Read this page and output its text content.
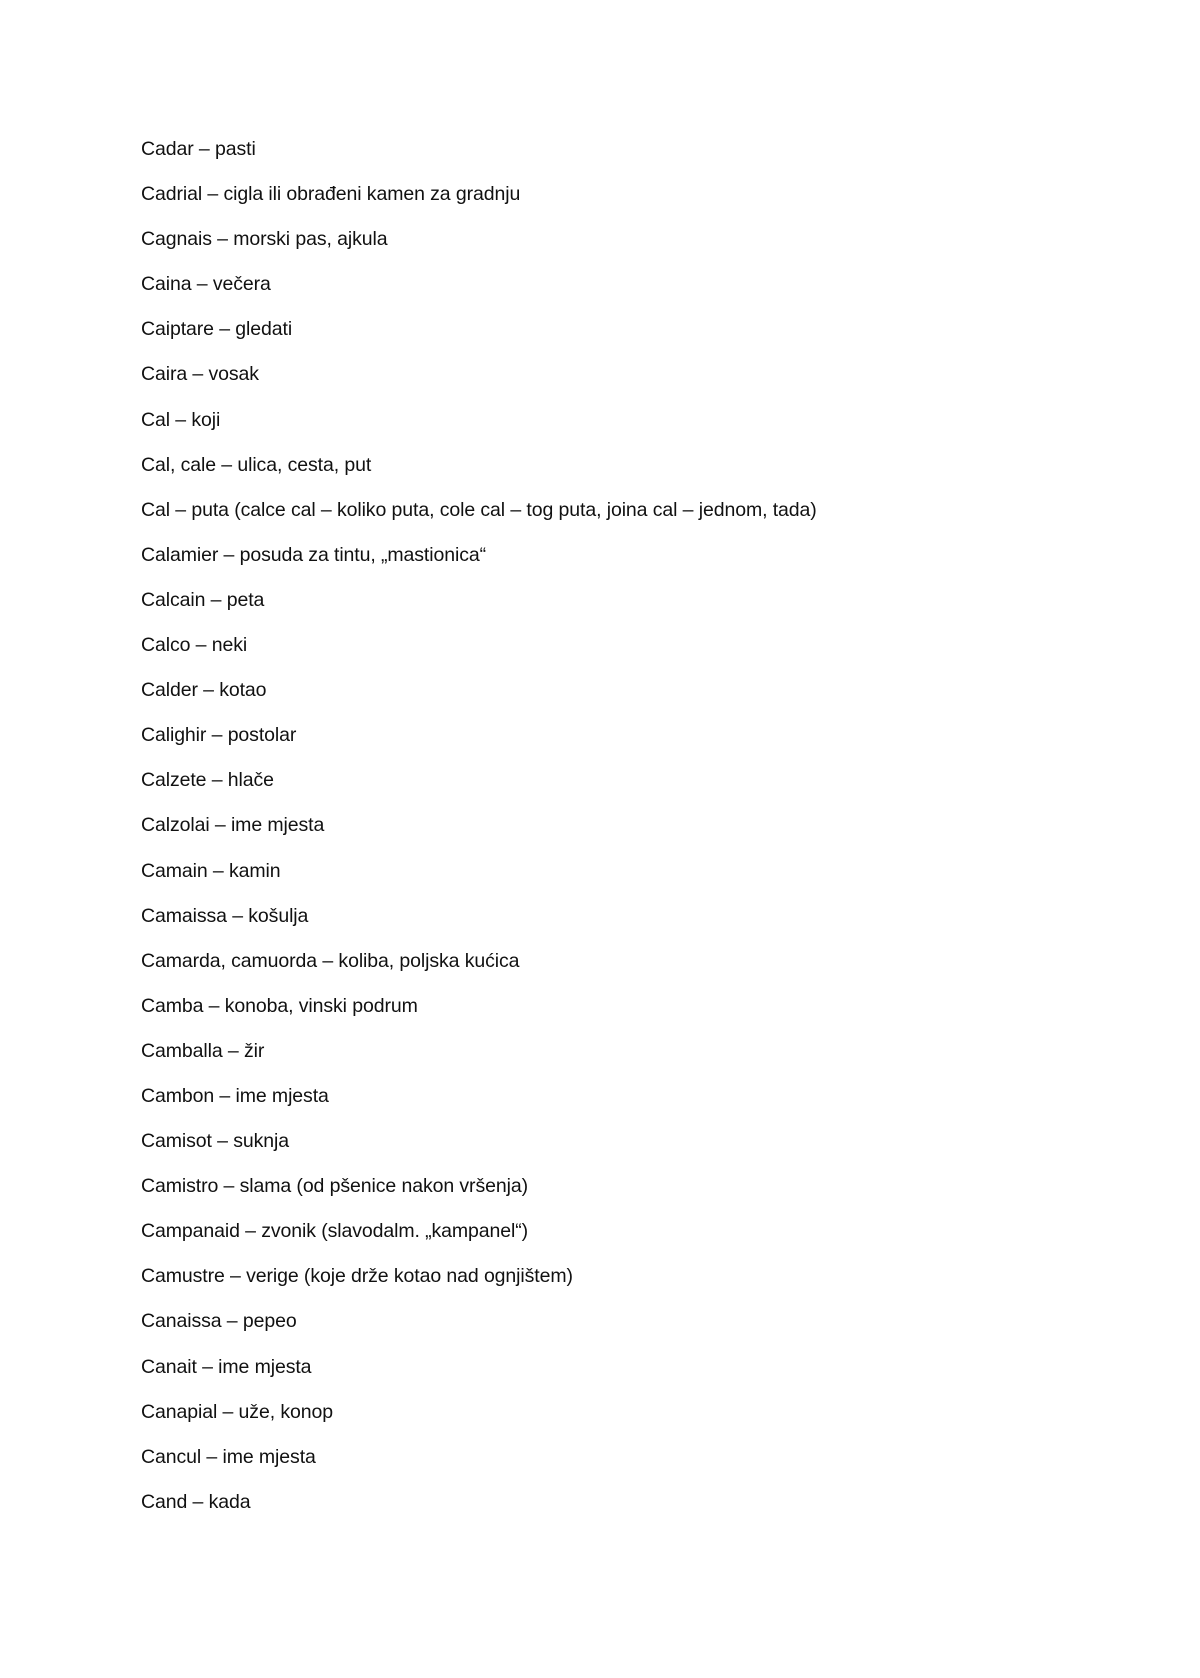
Cadar – pasti
Cadrial – cigla ili obrađeni kamen za gradnju
Cagnais – morski pas, ajkula
Caina – večera
Caiptare – gledati
Caira – vosak
Cal – koji
Cal, cale – ulica, cesta, put
Cal – puta (calce cal – koliko puta, cole cal – tog puta, joina cal – jednom, tada)
Calamier – posuda za tintu, „mastionica“
Calcain – peta
Calco – neki
Calder – kotao
Calighir – postolar
Calzete – hlače
Calzolai – ime mjesta
Camain – kamin
Camaissa – košulja
Camarda, camuorda – koliba, poljska kućica
Camba – konoba, vinski podrum
Camballa – žir
Cambon – ime mjesta
Camisot – suknja
Camistro – slama (od pšenice nakon vršenja)
Campanaid – zvonik (slavodalm. „kampanel“)
Camustre – verige (koje drže kotao nad ognjištem)
Canaissa – pepeo
Canait – ime mjesta
Canapial – uže, konop
Cancul – ime mjesta
Cand – kada
